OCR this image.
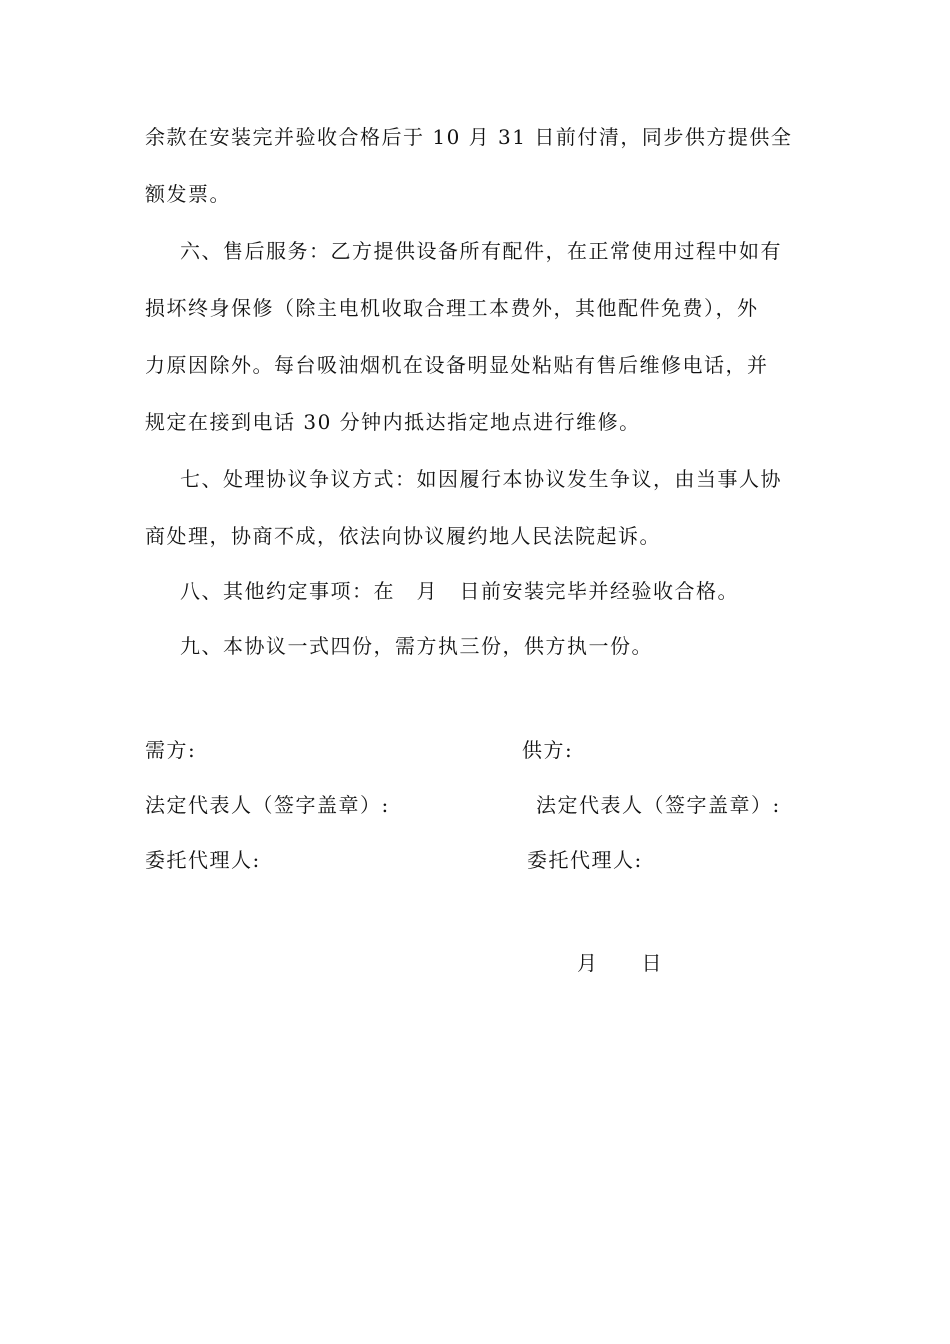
余款在安装完并验收合格后于 10 月 31 日前付清，同步供方提供全
额发票。
六、售后服务：乙方提供设备所有配件，在正常使用过程中如有
损坏终身保修（除主电机收取合理工本费外，其他配件免费），外
力原因除外。每台吸油烟机在设备明显处粘贴有售后维修电话，并
规定在接到电话 30 分钟内抵达指定地点进行维修。
七、处理协议争议方式：如因履行本协议发生争议，由当事人协
商处理，协商不成，依法向协议履约地人民法院起诉。
八、其他约定事项：在　月　日前安装完毕并经验收合格。
九、本协议一式四份，需方执三份，供方执一份。
需方:
法定代表人（签字盖章）:
委托代理人:
供方:
法定代表人（签字盖章）:
委托代理人:
月　　日
